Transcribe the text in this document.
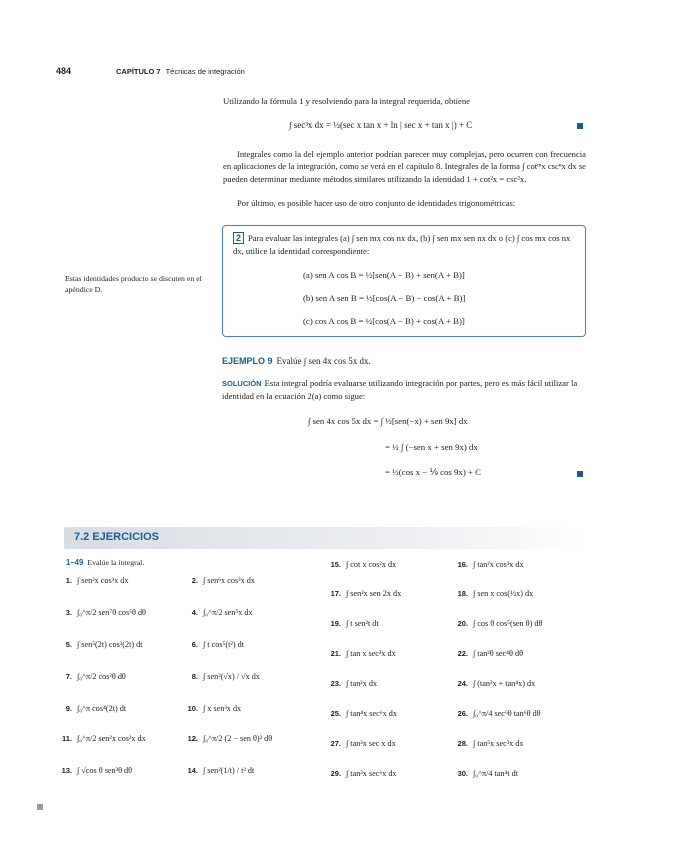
484	CAPÍTULO 7 Técnicas de integración
Utilizando la fórmula 1 y resolviendo para la integral requerida, obtiene
∫ sec³x dx = ½(sec x tan x + ln | sec x + tan x |) + C
Integrales como la del ejemplo anterior podrían parecer muy complejas, pero ocurren con frecuencia en aplicaciones de la integración, como se verá en el capítulo 8. Integrales de la forma ∫ cotᵐx cscⁿx dx se pueden determinar mediante métodos similares utilizando la identidad 1 + cot²x = csc²x.
Por último, es posible hacer uso de otro conjunto de identidades trigonométricas:
2 Para evaluar las integrales (a) ∫ sen mx cos nx dx, (b) ∫ sen mx sen nx dx o (c) ∫ cos mx cos nx dx, utilice la identidad correspondiente:
(a) sen A cos B = ½[sen(A − B) + sen(A + B)]
(b) sen A sen B = ½[cos(A − B) − cos(A + B)]
(c) cos A cos B = ½[cos(A − B) + cos(A + B)]
Estas identidades producto se discuten en el apéndice D.
EJEMPLO 9 Evalúe ∫ sen 4x cos 5x dx.
SOLUCIÓN Esta integral podría evaluarse utilizando integración por partes, pero es más fácil utilizar la identidad en la ecuación 2(a) como sigue:
∫ sen 4x cos 5x dx = ∫ ½[sen(−x) + sen 9x] dx
= ½ ∫ (−sen x + sen 9x) dx
= ½(cos x − ⅑ cos 9x) + C
7.2 EJERCICIOS
1–49 Evalúe la integral.
1. ∫ sen²x cos³x dx	2. ∫ sen⁶x cos³x dx
3. ∫₀^π/2 sen⁷θ cos⁵θ dθ	4. ∫₀^π/2 sen⁵x dx
5. ∫ sen⁵(2t) cos²(2t) dt	6. ∫ t cos⁵(t²) dt
7. ∫₀^π/2 cos²θ dθ	8. ∫ sen²(√x) / √x dx
9. ∫₀^π cos⁴(2t) dt	10. ∫ x sen³x dx
11. ∫₀^π/2 sen²x cos²x dx	12. ∫₀^π/2 (2 − sen θ)² dθ
13. ∫ √cos θ sen³θ dθ	14. ∫ sen²(1/t) / t² dt
15. ∫ cot x cos²x dx	16. ∫ tan²x cos³x dx
17. ∫ sen²x sen 2x dx	18. ∫ sen x cos(½x) dx
19. ∫ t sen²t dt	20. ∫ cos θ cos⁵(sen θ) dθ
21. ∫ tan x sec³x dx	22. ∫ tan²θ sec⁴θ dθ
23. ∫ tan²x dx	24. ∫ (tan²x + tan⁴x) dx
25. ∫ tan⁴x sec⁶x dx	26. ∫₀^π/4 sec⁶θ tan⁶θ dθ
27. ∫ tan³x sec x dx	28. ∫ tan⁵x sec³x dx
29. ∫ tan³x sec⁶x dx	30. ∫₀^π/4 tan⁴t dt
